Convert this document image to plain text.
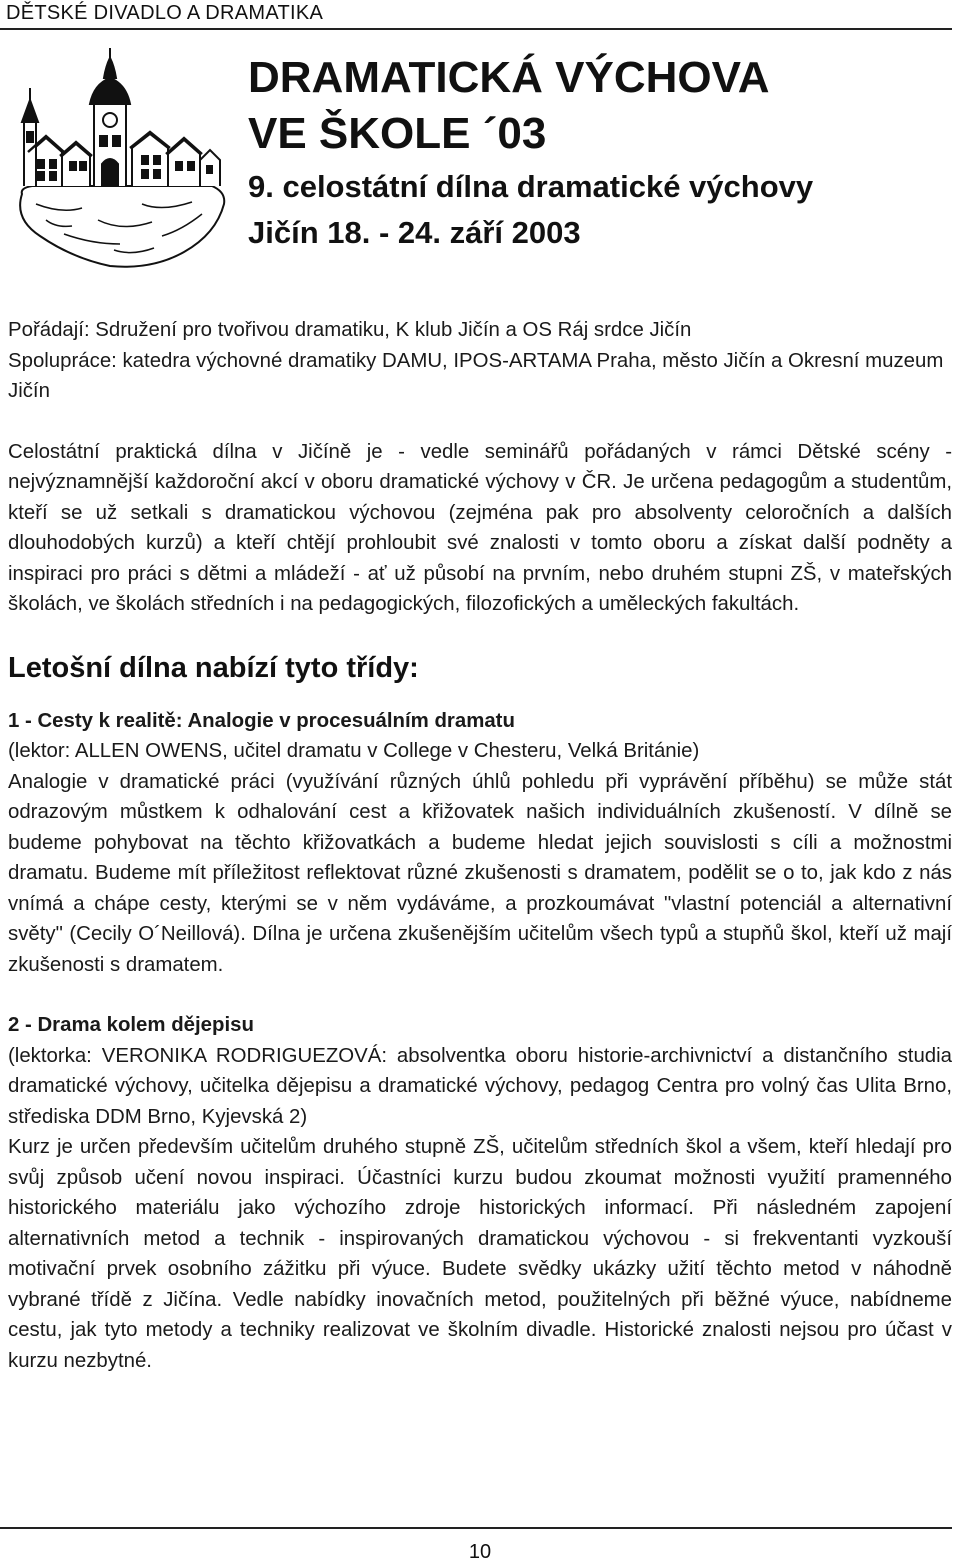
DĚTSKÉ DIVADLO A DRAMATIKA
DRAMATICKÁ VÝCHOVA
VE ŠKOLE ´03
9. celostátní dílna dramatické výchovy
Jičín 18. - 24. září 2003

Pořádají: Sdružení pro tvořivou dramatiku, K klub Jičín a OS Ráj srdce Jičín

Spolupráce: katedra výchovné dramatiky DAMU, IPOS-ARTAMA Praha, město Jičín a Okresní muzeum Jičín

Celostátní praktická dílna v Jičíně je - vedle seminářů pořádaných v rámci Dětské scény - nejvýznamnější každoroční akcí v oboru dramatické výchovy v ČR. Je určena pedagogům a studentům, kteří se už setkali s dramatickou výchovou (zejména pak pro absolventy celoročních a dalších dlouhodobých kurzů) a kteří chtějí prohloubit své znalosti v tomto oboru a získat další podněty a inspiraci pro práci s dětmi a mládeží - ať už působí na prvním, nebo druhém stupni ZŠ, v mateřských školách, ve školách středních i na pedagogických, filozofických a uměleckých fakultách.

Letošní dílna nabízí tyto třídy:

1 - Cesty k realitě: Analogie v procesuálním dramatu

(lektor: ALLEN OWENS, učitel dramatu v College v Chesteru, Velká Británie)

Analogie v dramatické práci (využívání různých úhlů pohledu při vyprávění příběhu) se může stát odrazovým můstkem k odhalování cest a křižovatek našich individuálních zkušeností. V dílně se budeme pohybovat na těchto křižovatkách a budeme hledat jejich souvislosti s cíli a možnostmi dramatu. Budeme mít příležitost reflektovat různé zkušenosti s dramatem, podělit se o to, jak kdo z nás vnímá a chápe cesty, kterými se v něm vydáváme, a prozkoumávat "vlastní potenciál a alternativní světy" (Cecily O´Neillová). Dílna je určena zkušenějším učitelům všech typů a stupňů škol, kteří už mají zkušenosti s dramatem.

2 - Drama kolem dějepisu

(lektorka: VERONIKA RODRIGUEZOVÁ: absolventka oboru historie-archivnictví a distančního studia dramatické výchovy, učitelka dějepisu a dramatické výchovy, pedagog Centra pro volný čas Ulita Brno, střediska DDM Brno, Kyjevská 2)

Kurz je určen především učitelům druhého stupně ZŠ, učitelům středních škol a všem, kteří hledají pro svůj způsob učení novou inspiraci. Účastníci kurzu budou zkoumat možnosti využití pramenného historického materiálu jako výchozího zdroje historických informací. Při následném zapojení alternativních metod a technik - inspirovaných dramatickou výchovou - si frekventanti vyzkouší motivační prvek osobního zážitku při výuce. Budete svědky ukázky užití těchto metod v náhodně vybrané třídě z Jičína. Vedle nabídky inovačních metod, použitelných při běžné výuce, nabídneme cestu, jak tyto metody a techniky realizovat ve školním divadle. Historické znalosti nejsou pro účast v kurzu nezbytné.

10
